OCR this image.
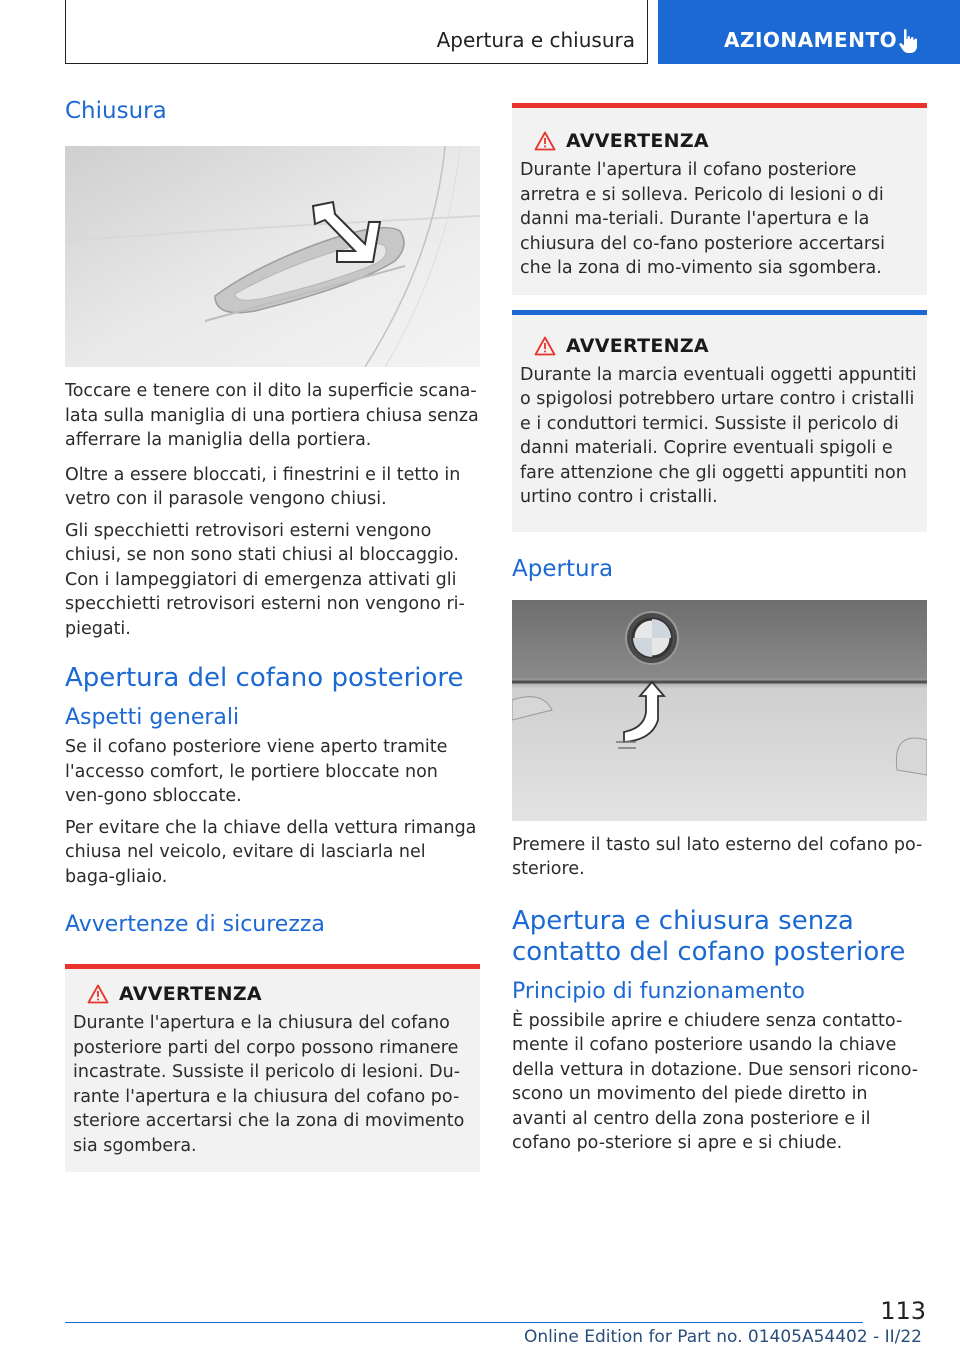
Apertura e chiusura	AZIONAMENTO
Chiusura

Toccare e tenere con il dito la superficie scana-lata sulla maniglia di una portiera chiusa senza afferrare la maniglia della portiera.

Oltre a essere bloccati, i finestrini e il tetto in vetro con il parasole vengono chiusi.

Gli specchietti retrovisori esterni vengono chiusi, se non sono stati chiusi al bloccaggio. Con i lampeggiatori di emergenza attivati gli specchietti retrovisori esterni non vengono ri-piegati.

Apertura del cofano posteriore
Aspetti generali

Se il cofano posteriore viene aperto tramite l'accesso comfort, le portiere bloccate non ven-gono sbloccate.

Per evitare che la chiave della vettura rimanga chiusa nel veicolo, evitare di lasciarla nel baga-gliaio.

Avvertenze di sicurezza
AVVERTENZA

Durante l'apertura e la chiusura del cofano posteriore parti del corpo possono rimanere incastrate. Sussiste il pericolo di lesioni. Du-rante l'apertura e la chiusura del cofano po-steriore accertarsi che la zona di movimento sia sgombera.

AVVERTENZA

Durante l'apertura il cofano posteriore arretra e si solleva. Pericolo di lesioni o di danni ma-teriali. Durante l'apertura e la chiusura del co-fano posteriore accertarsi che la zona di mo-vimento sia sgombera.

AVVERTENZA

Durante la marcia eventuali oggetti appuntiti o spigolosi potrebbero urtare contro i cristalli e i conduttori termici. Sussiste il pericolo di danni materiali. Coprire eventuali spigoli e fare attenzione che gli oggetti appuntiti non urtino contro i cristalli.

Apertura

Premere il tasto sul lato esterno del cofano po-steriore.

Apertura e chiusura senza contatto del cofano posteriore
Principio di funzionamento

È possibile aprire e chiudere senza contatto-mente il cofano posteriore usando la chiave della vettura in dotazione. Due sensori ricono-scono un movimento del piede diretto in avanti al centro della zona posteriore e il cofano po-steriore si apre e si chiude.

113
Online Edition for Part no. 01405A54402 - II/22
